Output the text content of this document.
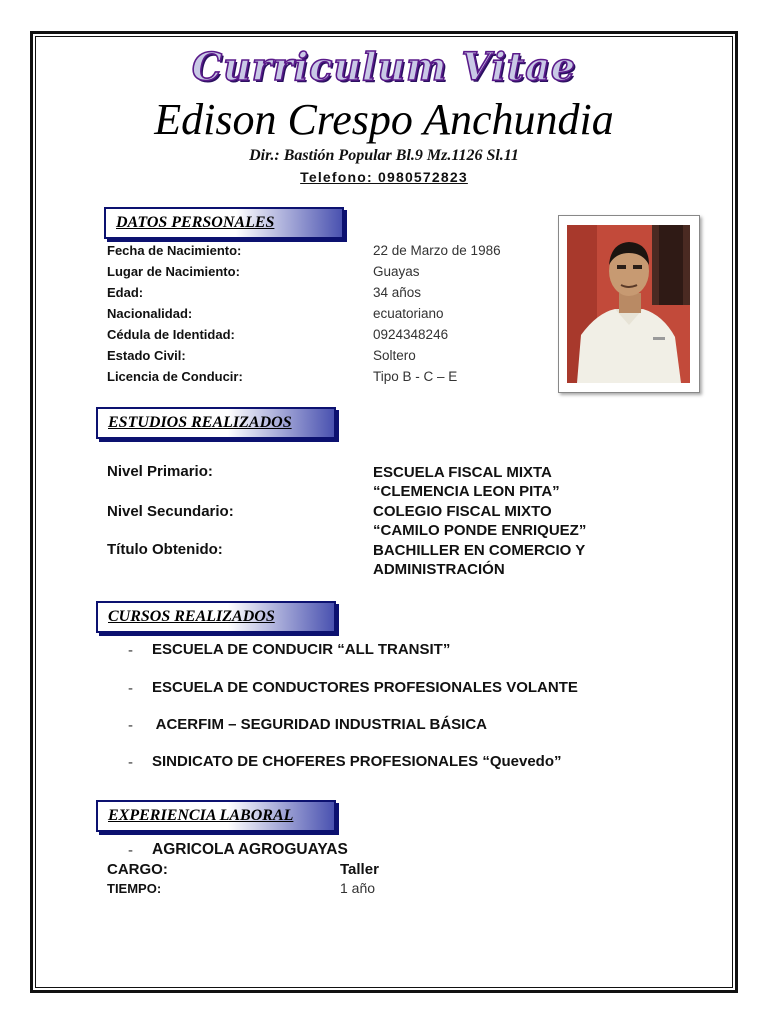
Curriculum Vitae
Edison Crespo Anchundia
Dir.: Bastión Popular Bl.9 Mz.1126 Sl.11
Telefono: 0980572823
DATOS PERSONALES
Fecha de Nacimiento:	22 de Marzo de 1986
Lugar de Nacimiento:	Guayas
Edad:	34 años
Nacionalidad:	ecuatoriano
Cédula de Identidad:	0924348246
Estado Civil:	Soltero
Licencia de Conducir:	Tipo B - C – E
ESTUDIOS REALIZADOS
Nivel Primario:	ESCUELA FISCAL MIXTA
“CLEMENCIA LEON PITA”
Nivel Secundario:	COLEGIO FISCAL MIXTO
“CAMILO PONDE ENRIQUEZ”
Título Obtenido:	BACHILLER EN COMERCIO Y
ADMINISTRACIÓN
CURSOS REALIZADOS
- ESCUELA DE CONDUCIR “ALL TRANSIT”
- ESCUELA DE CONDUCTORES PROFESIONALES VOLANTE
- ACERFIM – SEGURIDAD INDUSTRIAL BÁSICA
- SINDICATO DE CHOFERES PROFESIONALES “Quevedo”
EXPERIENCIA LABORAL
- AGRICOLA AGROGUAYAS
CARGO:	Taller
TIEMPO:	1 año
